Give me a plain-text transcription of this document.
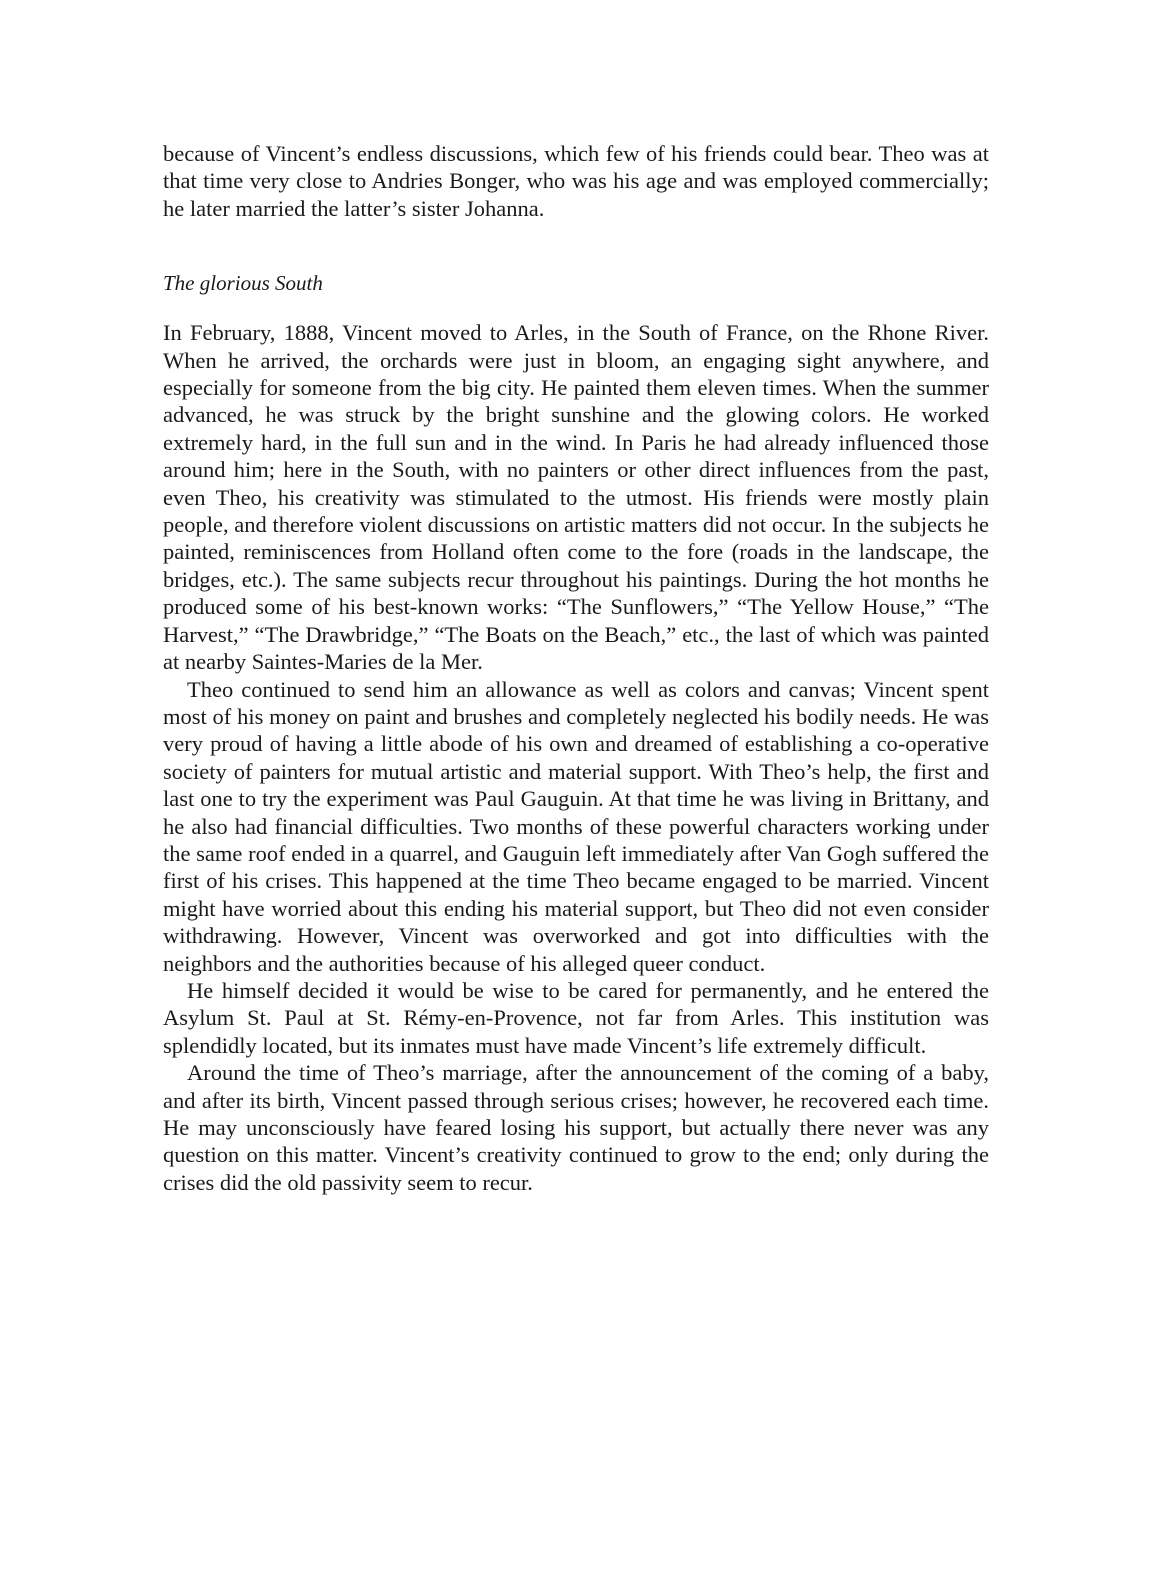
because of Vincent’s endless discussions, which few of his friends could bear. Theo was at that time very close to Andries Bonger, who was his age and was employed commercially; he later married the latter’s sister Johanna.

The glorious South

In February, 1888, Vincent moved to Arles, in the South of France, on the Rhone River. When he arrived, the orchards were just in bloom, an engaging sight anywhere, and especially for someone from the big city. He painted them eleven times. When the summer advanced, he was struck by the bright sunshine and the glowing colors. He worked extremely hard, in the full sun and in the wind. In Paris he had already influenced those around him; here in the South, with no painters or other direct influences from the past, even Theo, his creativity was stimulated to the utmost. His friends were mostly plain people, and therefore violent discussions on artistic matters did not occur. In the subjects he painted, reminiscences from Holland often come to the fore (roads in the landscape, the bridges, etc.). The same subjects recur throughout his paintings. During the hot months he produced some of his best-known works: “The Sunflowers,” “The Yellow House,” “The Harvest,” “The Drawbridge,” “The Boats on the Beach,” etc., the last of which was painted at nearby Saintes-Maries de la Mer.

Theo continued to send him an allowance as well as colors and canvas; Vincent spent most of his money on paint and brushes and completely neglected his bodily needs. He was very proud of having a little abode of his own and dreamed of establishing a co-operative society of painters for mutual artistic and material support. With Theo’s help, the first and last one to try the experiment was Paul Gauguin. At that time he was living in Brittany, and he also had financial difficulties. Two months of these powerful characters working under the same roof ended in a quarrel, and Gauguin left immediately after Van Gogh suffered the first of his crises. This happened at the time Theo became engaged to be married. Vincent might have worried about this ending his material support, but Theo did not even consider withdrawing. However, Vincent was overworked and got into difficulties with the neighbors and the authorities because of his alleged queer conduct.

He himself decided it would be wise to be cared for permanently, and he entered the Asylum St. Paul at St. Rémy-en-Provence, not far from Arles. This institution was splendidly located, but its inmates must have made Vincent’s life extremely difficult.

Around the time of Theo’s marriage, after the announcement of the coming of a baby, and after its birth, Vincent passed through serious crises; however, he recovered each time. He may unconsciously have feared losing his support, but actually there never was any question on this matter. Vincent’s creativity continued to grow to the end; only during the crises did the old passivity seem to recur.
